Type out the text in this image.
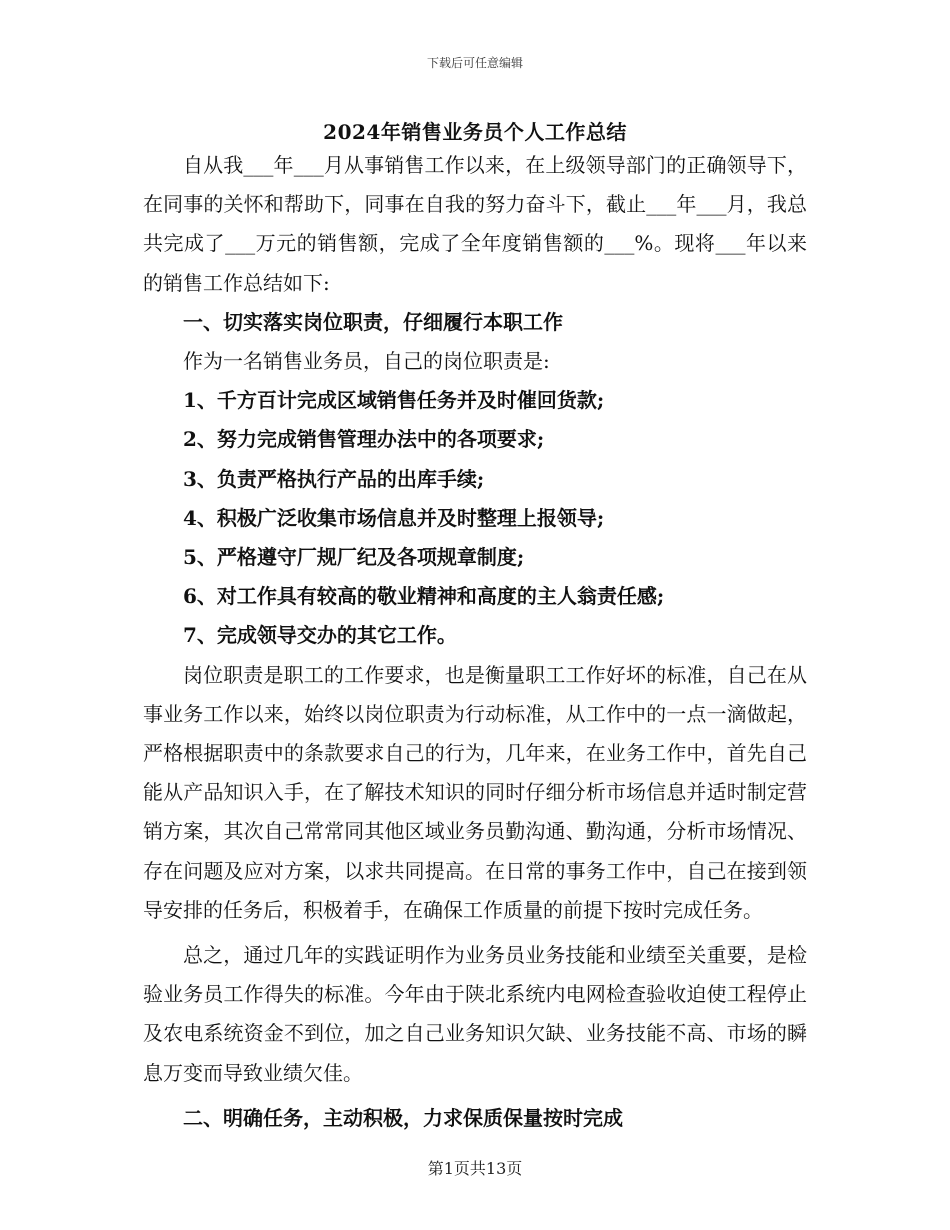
下载后可任意编辑
2024年销售业务员个人工作总结

自从我___年___月从事销售工作以来，在上级领导部门的正确领导下，在同事的关怀和帮助下，同事在自我的努力奋斗下，截止___年___月，我总共完成了___万元的销售额，完成了全年度销售额的___%。现将___年以来的销售工作总结如下:

一、切实落实岗位职责，仔细履行本职工作

作为一名销售业务员，自己的岗位职责是:

1、千方百计完成区域销售任务并及时催回货款;

2、努力完成销售管理办法中的各项要求;

3、负责严格执行产品的出库手续;

4、积极广泛收集市场信息并及时整理上报领导;

5、严格遵守厂规厂纪及各项规章制度;

6、对工作具有较高的敬业精神和高度的主人翁责任感;

7、完成领导交办的其它工作。

岗位职责是职工的工作要求，也是衡量职工工作好坏的标准，自己在从事业务工作以来，始终以岗位职责为行动标准，从工作中的一点一滴做起，严格根据职责中的条款要求自己的行为，几年来，在业务工作中，首先自己能从产品知识入手，在了解技术知识的同时仔细分析市场信息并适时制定营销方案，其次自己常常同其他区域业务员勤沟通、勤沟通，分析市场情况、存在问题及应对方案，以求共同提高。在日常的事务工作中，自己在接到领导安排的任务后，积极着手，在确保工作质量的前提下按时完成任务。

总之，通过几年的实践证明作为业务员业务技能和业绩至关重要，是检验业务员工作得失的标准。今年由于陕北系统内电网检查验收迫使工程停止及农电系统资金不到位，加之自己业务知识欠缺、业务技能不高、市场的瞬息万变而导致业绩欠佳。

二、明确任务，主动积极，力求保质保量按时完成

第1页共13页
